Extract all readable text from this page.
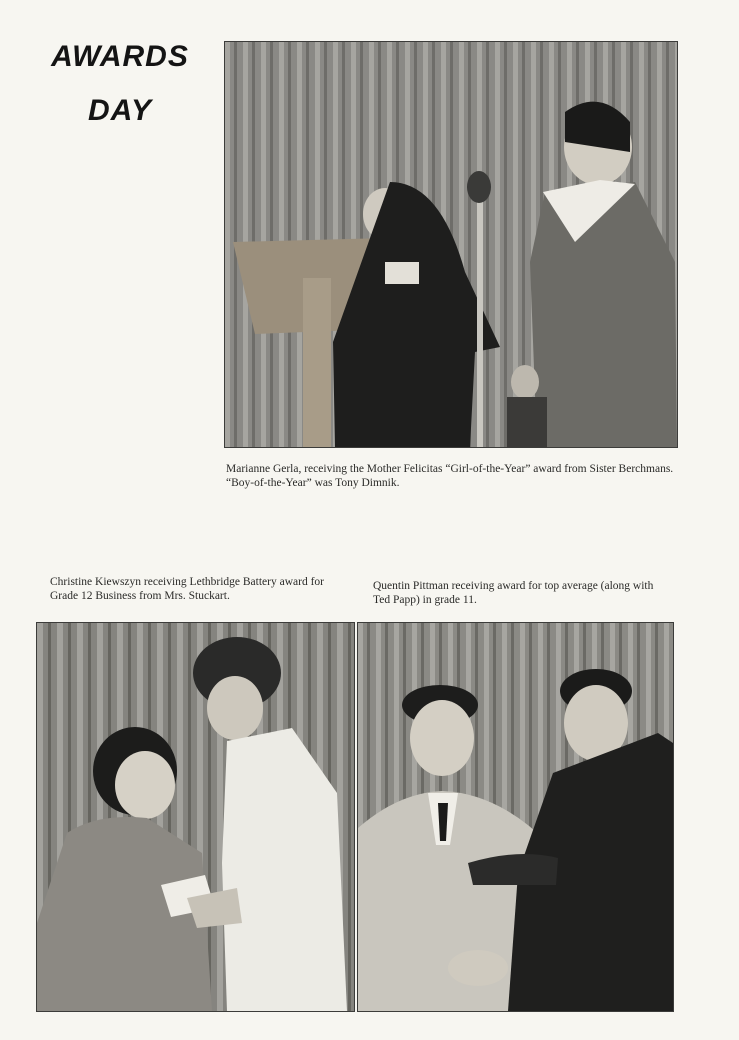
AWARDS
DAY
Marianne Gerla, receiving the Mother Felicitas “Girl-of-the-Year” award from Sister Berchmans. “Boy-of-the-Year” was Tony Dimnik.
Christine Kiewszyn receiving Lethbridge Battery award for Grade 12 Business from Mrs. Stuckart.
Quentin Pittman receiving award for top average (along with Ted Papp) in grade 11.
